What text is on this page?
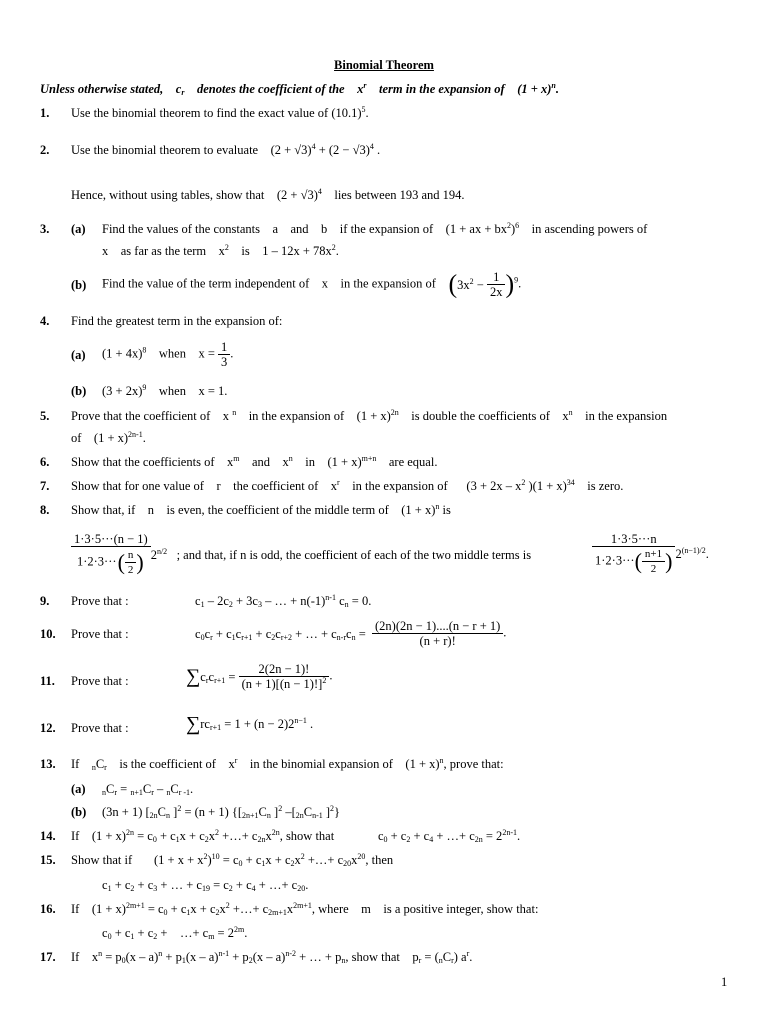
Binomial Theorem
Unless otherwise stated,    $c_r$    denotes the coefficient of the    $x^r$    term in the expansion of    $(1 + x)^n$.
1. Use the binomial theorem to find the exact value of $(10.1)^5$.
2. Use the binomial theorem to evaluate    $(2 + √3)^4 + (2 - √3)^4$ .
Hence, without using tables, show that    $(2 + √3)^4$    lies between 193 and 194.
3. (a) Find the values of the constants    a    and    b    if the expansion of    (1 + ax + $bx^2)^6$    in ascending powers of
x    as far as the term    $x^2$    is    $1 - 12x + 78x^2$.
(b) Find the value of the term independent of    x    in the expansion of    $(3x^2 - \frac{1}{2x} )^9$.
4. Find the greatest term in the expansion of:
(a) $(1 + 4x)^8$    when    $x = \frac{1}{3}$ .
(b) $(3 + 2x)^9$    when    x = 1.
5. Prove that the coefficient of    x $^n$    in the expansion of    $(1 + x)^{2n}$    is double the coefficients of    $x^n$    in the expansion
of    $(1 + x)^{2n-1}$.
6. Show that the coefficients of    $x^m$    and    $x^n$    in    $(1 + x)^{m+n}$    are equal.
7. Show that for one value of    r    the coefficient of    $x^r$    in the expansion of      ($3 + 2x - x^2$ )$(1 + x)^{34}$    is zero.
8. Show that, if    n    is even, the coefficient of the middle term of    $(1 + x)^n$ is
$\frac{1\cdot 3\cdot 5\cdot\cdot\cdot(n - 1)}{1\cdot 2\cdot 3\cdot\cdot\cdot( \frac{n}{2} )} 2^{n/2}$   ; and that, if n is odd, the coefficient of each of the two middle terms is	$\frac{1\cdot 3\cdot 5\cdot\cdot\cdot n}{1\cdot 2\cdot 3\cdot\cdot\cdot( \frac{n+1}{2} )} 2^{(n-1)/2}$.
9. Prove that :	$c_1 - 2c_2 + 3c_3$ – … + $n(-1)^{n-1}$ $c_n = 0$.
10. Prove that :	$c_0c_r + c_1c_{r+1} + c_2c_{r+2}$ + … + $c_{n-r}c_n = \frac{(2n)(2n - 1)....(n - r + 1)}{(n + r)!}$ .
11. Prove that :	$\sum c_rc_{r+1} = \frac{2(2n - 1)!}{(n + 1)[(n - 1)!]^2}$ .
12. Prove that :	$\sum rc_{r+1} = 1 + (n - 2)2^{n-1}$ .
13. If    $_nC_r$    is the coefficient of    $x^r$    in the binomial expansion of    $(1 + x)^n$, prove that:
(a) $_nC_r = _{n+1}C_r - _nC_{r -1}$.
(b) (3n + 1) [$_{2n}C_n$ ]$^2$ = (n + 1) {[$_{2n+1}C_n$ ]$^2$ $-[_{2n}C_{n-1}$ ]$^2$}
14. If    $(1 + x)^{2n} = c_0 + c_1x + c_2x^2$ +…+ $c_{2n}x^{2n}$, show that              $c_0 + c_2 + c_4$ + …+ $c_{2n} = 2^{2n-1}$.
15. Show that if       $(1 + x + x^2)^{10} = c_0 + c_1x + c_2x^2$ +…+ $c_{20}x^{20}$, then
$c_1 + c_2 + c_3$ + … + $c_{19} = c_2 + c_4$ + …+ $c_{20}$.
16. If    $(1 + x)^{2m+1} = c_0 + c_1x + c_2x^2$ +…+ $c_{2m+1}x^{2m+1}$, where    m    is a positive integer, show that:
$c_0 + c_1 + c_2$ +    …+ $c_m = 2^{2m}$.
17. If    $x^n = p_0(x - a)^n + p_1(x - a)^{n-1} + p_2(x - a)^{n-2}$ + … + $p_n$, show that    $p_r = (_nC_r)$ $a^r$.
1
